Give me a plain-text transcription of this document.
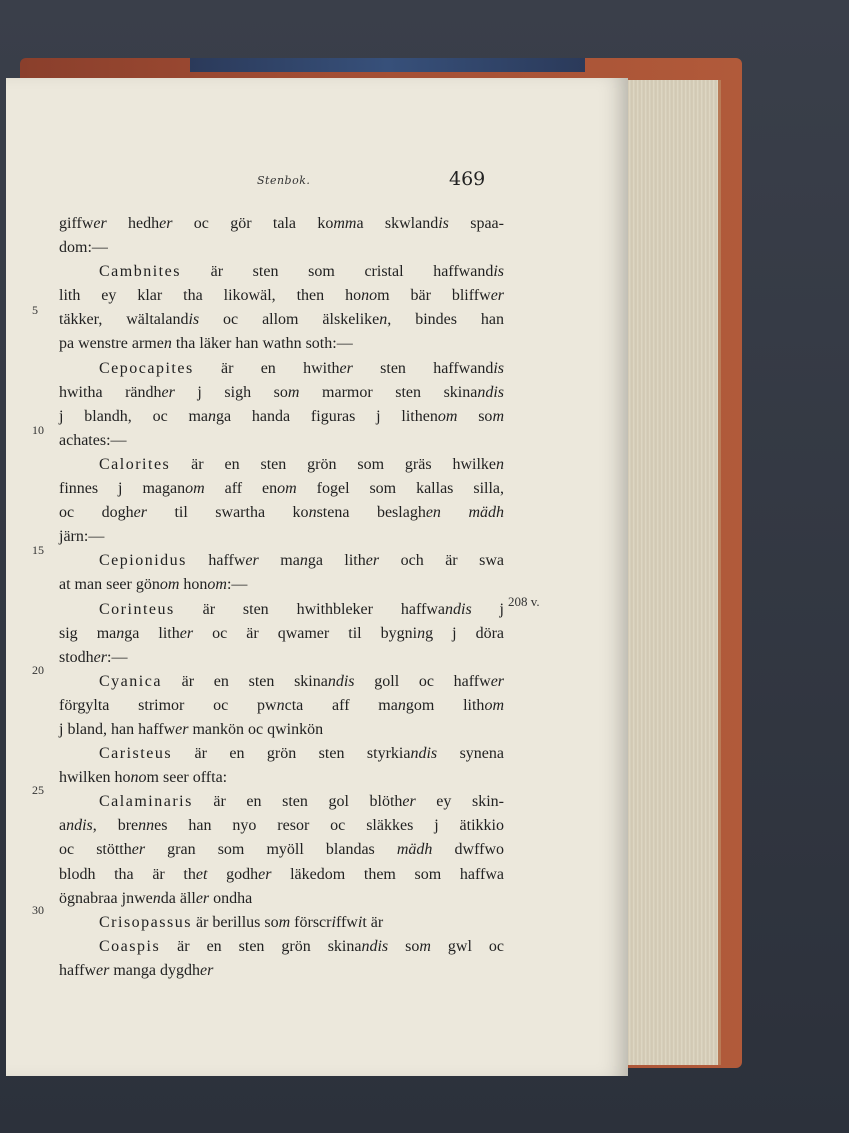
Stenbok.	469
5
10
15
20
25
30
208 v.
giffwer hedher oc gör tala komma skwlandis spaa-
dom:—
Cambnites är sten som cristal haffwandis
lith ey klar tha likowäl, then honom bär bliffwer
täkker, wältalandis oc allom älskeliken, bindes han
pa wenstre armen tha läker han wathn soth:—
Cepocapites är en hwither sten haffwandis
hwitha rändher j sigh som marmor sten skinandis
j blandh, oc manga handa figuras j lithenom som
achates:—
Calorites är en sten grön som gräs hwilken
finnes j maganom aff enom fogel som kallas silla,
oc dogher til swartha konstena beslaghen mädh
järn:—
Cepionidus haffwer manga lither och är swa
at man seer gönom honom:—
Corinteus är sten hwithbleker haffwandis j
sig manga lither oc är qwamer til bygning j döra
stodher:—
Cyanica är en sten skinandis goll oc haffwer
förgylta strimor oc pwncta aff mangom lithom
j bland, han haffwer mankön oc qwinkön
Caristeus är en grön sten styrkiandis synena
hwilken honom seer offta:
Calaminaris är en sten gol blöther ey skin-
andis, brennes han nyo resor oc släkkes j ätikkio
oc stötther gran som myöll blandas mädh dwffwo
blodh tha är thet godher läkedom them som haffwa
ögnabraa jnwenda äller ondha
Crisopassus är berillus som förscriffwit är
Coaspis är en sten grön skinandis som gwl oc
haffwer manga dygdher
